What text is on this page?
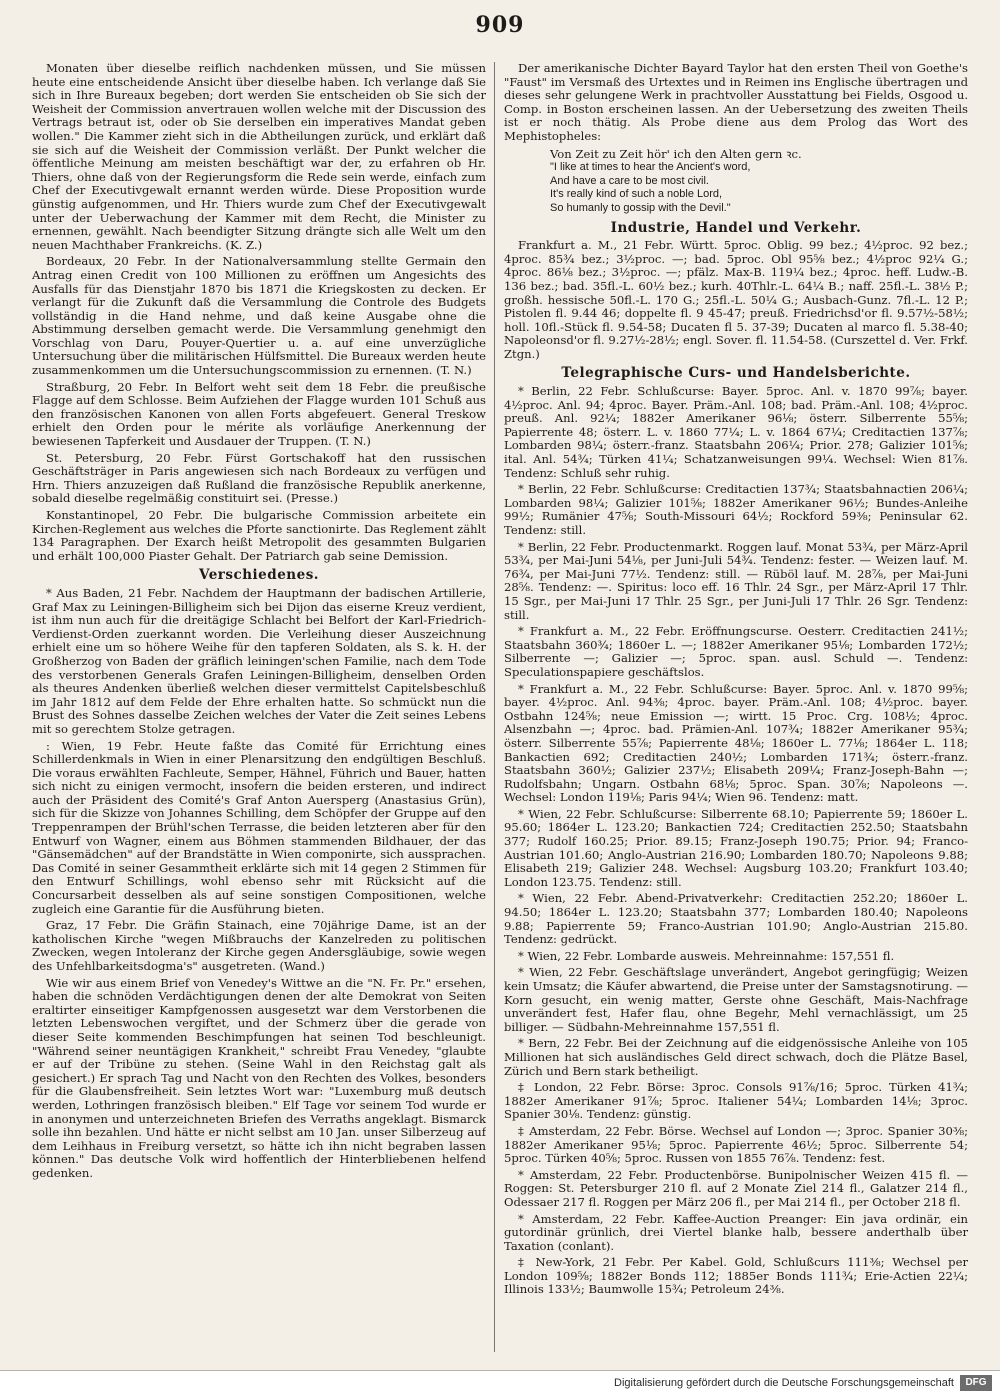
909

Monaten über dieselbe reiflich nachdenken müssen, und Sie müssen heute eine entscheidende Ansicht über dieselbe haben. Ich verlange daß Sie sich in Ihre Bureaux begeben; dort werden Sie entscheiden ob Sie sich der Weisheit der Commission anvertrauen wollen welche mit der Discussion des Vertrags betraut ist, oder ob Sie derselben ein imperatives Mandat geben wollen." Die Kammer zieht sich in die Abtheilungen zurück, und erklärt daß sie sich auf die Weisheit der Commission verläßt. Der Punkt welcher die öffentliche Meinung am meisten beschäftigt war der, zu erfahren ob Hr. Thiers, ohne daß von der Regierungsform die Rede sein werde, einfach zum Chef der Executivgewalt ernannt werden würde. Diese Proposition wurde günstig aufgenommen, und Hr. Thiers wurde zum Chef der Executivgewalt unter der Ueberwachung der Kammer mit dem Recht, die Minister zu ernennen, gewählt. Nach beendigter Sitzung drängte sich alle Welt um den neuen Machthaber Frankreichs. (K. Z.)

Bordeaux, 20 Febr. In der Nationalversammlung stellte Germain den Antrag einen Credit von 100 Millionen zu eröffnen um Angesichts des Ausfalls für das Dienstjahr 1870 bis 1871 die Kriegskosten zu decken. Er verlangt für die Zukunft daß die Versammlung die Controle des Budgets vollständig in die Hand nehme, und daß keine Ausgabe ohne die Abstimmung derselben gemacht werde. Die Versammlung genehmigt den Vorschlag von Daru, Pouyer-Quertier u. a. auf eine unverzügliche Untersuchung über die militärischen Hülfsmittel. Die Bureaux werden heute zusammenkommen um die Untersuchungscommission zu ernennen. (T. N.)

Straßburg, 20 Febr. In Belfort weht seit dem 18 Febr. die preußische Flagge auf dem Schlosse. Beim Aufziehen der Flagge wurden 101 Schuß aus den französischen Kanonen von allen Forts abgefeuert. General Treskow erhielt den Orden pour le mérite als vorläufige Anerkennung der bewiesenen Tapferkeit und Ausdauer der Truppen. (T. N.)

St. Petersburg, 20 Febr. Fürst Gortschakoff hat den russischen Geschäftsträger in Paris angewiesen sich nach Bordeaux zu verfügen und Hrn. Thiers anzuzeigen daß Rußland die französische Republik anerkenne, sobald dieselbe regelmäßig constituirt sei. (Presse.)

Konstantinopel, 20 Febr. Die bulgarische Commission arbeitete ein Kirchen-Reglement aus welches die Pforte sanctionirte. Das Reglement zählt 134 Paragraphen. Der Exarch heißt Metropolit des gesammten Bulgarien und erhält 100,000 Piaster Gehalt. Der Patriarch gab seine Demission.

Verschiedenes.

* Aus Baden, 21 Febr. Nachdem der Hauptmann der badischen Artillerie, Graf Max zu Leiningen-Billigheim sich bei Dijon das eiserne Kreuz verdient, ist ihm nun auch für die dreitägige Schlacht bei Belfort der Karl-Friedrich-Verdienst-Orden zuerkannt worden. Die Verleihung dieser Auszeichnung erhielt eine um so höhere Weihe für den tapferen Soldaten, als S. k. H. der Großherzog von Baden der gräflich leiningen'schen Familie, nach dem Tode des verstorbenen Generals Grafen Leiningen-Billigheim, denselben Orden als theures Andenken überließ welchen dieser vermittelst Capitelsbeschluß im Jahr 1812 auf dem Felde der Ehre erhalten hatte. So schmückt nun die Brust des Sohnes dasselbe Zeichen welches der Vater die Zeit seines Lebens mit so gerechtem Stolze getragen.

: Wien, 19 Febr. Heute faßte das Comité für Errichtung eines Schillerdenkmals in Wien in einer Plenarsitzung den endgültigen Beschluß. Die voraus erwählten Fachleute, Semper, Hähnel, Führich und Bauer, hatten sich nicht zu einigen vermocht, insofern die beiden ersteren, und indirect auch der Präsident des Comité's Graf Anton Auersperg (Anastasius Grün), sich für die Skizze von Johannes Schilling, dem Schöpfer der Gruppe auf den Treppenrampen der Brühl'schen Terrasse, die beiden letzteren aber für den Entwurf von Wagner, einem aus Böhmen stammenden Bildhauer, der das "Gänsemädchen" auf der Brandstätte in Wien componirte, sich aussprachen. Das Comité in seiner Gesammtheit erklärte sich mit 14 gegen 2 Stimmen für den Entwurf Schillings, wohl ebenso sehr mit Rücksicht auf die Concursarbeit desselben als auf seine sonstigen Compositionen, welche zugleich eine Garantie für die Ausführung bieten.

Graz, 17 Febr. Die Gräfin Stainach, eine 70jährige Dame, ist an der katholischen Kirche "wegen Mißbrauchs der Kanzelreden zu politischen Zwecken, wegen Intoleranz der Kirche gegen Andersgläubige, sowie wegen des Unfehlbarkeitsdogma's" ausgetreten. (Wand.)

Wie wir aus einem Brief von Venedey's Wittwe an die "N. Fr. Pr." ersehen, haben die schnöden Verdächtigungen denen der alte Demokrat von Seiten eraltirter einseitiger Kampfgenossen ausgesetzt war dem Verstorbenen die letzten Lebenswochen vergiftet, und der Schmerz über die gerade von dieser Seite kommenden Beschimpfungen hat seinen Tod beschleunigt. "Während seiner neuntägigen Krankheit," schreibt Frau Venedey, "glaubte er auf der Tribüne zu stehen. (Seine Wahl in den Reichstag galt als gesichert.) Er sprach Tag und Nacht von den Rechten des Volkes, besonders für die Glaubensfreiheit. Sein letztes Wort war: "Luxemburg muß deutsch werden, Lothringen französisch bleiben." Elf Tage vor seinem Tod wurde er in anonymen und unterzeichneten Briefen des Verraths angeklagt. Bismarck solle ihn bezahlen. Und hätte er nicht selbst am 10 Jan. unser Silberzeug auf dem Leihhaus in Freiburg versetzt, so hätte ich ihn nicht begraben lassen können." Das deutsche Volk wird hoffentlich der Hinterbliebenen helfend gedenken.

Der amerikanische Dichter Bayard Taylor hat den ersten Theil von Goethe's "Faust" im Versmaß des Urtextes und in Reimen ins Englische übertragen und dieses sehr gelungene Werk in prachtvoller Ausstattung bei Fields, Osgood u. Comp. in Boston erscheinen lassen. An der Uebersetzung des zweiten Theils ist er noch thätig. Als Probe diene aus dem Prolog das Wort des Mephistopheles:

Von Zeit zu Zeit hör' ich den Alten gern ꝛc.
"I like at times to hear the Ancient's word,
And have a care to be most civil.
It's really kind of such a noble Lord,
So humanly to gossip with the Devil."
Industrie, Handel und Verkehr.

Frankfurt a. M., 21 Febr. Württ. 5proc. Oblig. 99 bez.; 4½proc. 92 bez.; 4proc. 85¾ bez.; 3½proc. —; bad. 5proc. Obl 95⅝ bez.; 4½proc 92¼ G.; 4proc. 86⅛ bez.; 3½proc. —; pfälz. Max-B. 119¼ bez.; 4proc. heff. Ludw.-B. 136 bez.; bad. 35fl.-L. 60½ bez.; kurh. 40Thlr.-L. 64¼ B.; naff. 25fl.-L. 38½ P.; großh. hessische 50fl.-L. 170 G.; 25fl.-L. 50¼ G.; Ausbach-Gunz. 7fl.-L. 12 P.; Pistolen fl. 9.44 46; doppelte fl. 9 45-47; preuß. Friedrichsd'or fl. 9.57½-58½; holl. 10fl.-Stück fl. 9.54-58; Ducaten fl 5. 37-39; Ducaten al marco fl. 5.38-40; Napoleonsd'or fl. 9.27½-28½; engl. Sover. fl. 11.54-58. (Curszettel d. Ver. Frkf. Ztgn.)

Telegraphische Curs- und Handelsberichte.

* Berlin, 22 Febr. Schlußcurse: Bayer. 5proc. Anl. v. 1870 99⅞; bayer. 4½proc. Anl. 94; 4proc. Bayer. Präm.-Anl. 108; bad. Präm.-Anl. 108; 4½proc. preuß. Anl. 92¼; 1882er Amerikaner 96⅛; österr. Silberrente 55⅝; Papierrente 48; österr. L. v. 1860 77¼; L. v. 1864 67¼; Creditactien 137⅞; Lombarden 98¼; österr.-franz. Staatsbahn 206¼; Prior. 278; Galizier 101⅝; ital. Anl. 54¾; Türken 41¼; Schatzanweisungen 99¼. Wechsel: Wien 81⅞. Tendenz: Schluß sehr ruhig.

* Berlin, 22 Febr. Schlußcurse: Creditactien 137¾; Staatsbahnactien 206¼; Lombarden 98¼; Galizier 101⅝; 1882er Amerikaner 96½; Bundes-Anleihe 99½; Rumänier 47⅝; South-Missouri 64½; Rockford 59⅜; Peninsular 62. Tendenz: still.

* Berlin, 22 Febr. Productenmarkt. Roggen lauf. Monat 53¾, per März-April 53¾, per Mai-Juni 54⅛, per Juni-Juli 54¾. Tendenz: fester. — Weizen lauf. M. 76¾, per Mai-Juni 77½. Tendenz: still. — Rüböl lauf. M. 28⅞, per Mai-Juni 28⅝. Tendenz: —. Spiritus: loco eff. 16 Thlr. 24 Sgr., per März-April 17 Thlr. 15 Sgr., per Mai-Juni 17 Thlr. 25 Sgr., per Juni-Juli 17 Thlr. 26 Sgr. Tendenz: still.

* Frankfurt a. M., 22 Febr. Eröffnungscurse. Oesterr. Creditactien 241½; Staatsbahn 360¾; 1860er L. —; 1882er Amerikaner 95⅛; Lombarden 172½; Silberrente —; Galizier —; 5proc. span. ausl. Schuld —. Tendenz: Speculationspapiere geschäftslos.

* Frankfurt a. M., 22 Febr. Schlußcurse: Bayer. 5proc. Anl. v. 1870 99⅝; bayer. 4½proc. Anl. 94⅜; 4proc. bayer. Präm.-Anl. 108; 4½proc. bayer. Ostbahn 124⅝; neue Emission —; wirtt. 15 Proc. Crg. 108½; 4proc. Alsenzbahn —; 4proc. bad. Prämien-Anl. 107¾; 1882er Amerikaner 95¾; österr. Silberrente 55⅞; Papierrente 48⅛; 1860er L. 77⅛; 1864er L. 118; Bankactien 692; Creditactien 240½; Lombarden 171¾; österr.-franz. Staatsbahn 360½; Galizier 237½; Elisabeth 209¼; Franz-Joseph-Bahn —; Rudolfsbahn; Ungarn. Ostbahn 68⅛; 5proc. Span. 30⅞; Napoleons —. Wechsel: London 119⅛; Paris 94¼; Wien 96. Tendenz: matt.

* Wien, 22 Febr. Schlußcurse: Silberrente 68.10; Papierrente 59; 1860er L. 95.60; 1864er L. 123.20; Bankactien 724; Creditactien 252.50; Staatsbahn 377; Rudolf 160.25; Prior. 89.15; Franz-Joseph 190.75; Prior. 94; Franco-Austrian 101.60; Anglo-Austrian 216.90; Lombarden 180.70; Napoleons 9.88; Elisabeth 219; Galizier 248. Wechsel: Augsburg 103.20; Frankfurt 103.40; London 123.75. Tendenz: still.

* Wien, 22 Febr. Abend-Privatverkehr: Creditactien 252.20; 1860er L. 94.50; 1864er L. 123.20; Staatsbahn 377; Lombarden 180.40; Napoleons 9.88; Papierrente 59; Franco-Austrian 101.90; Anglo-Austrian 215.80. Tendenz: gedrückt.

* Wien, 22 Febr. Lombarde ausweis. Mehreinnahme: 157,551 fl.

* Wien, 22 Febr. Geschäftslage unverändert, Angebot geringfügig; Weizen kein Umsatz; die Käufer abwartend, die Preise unter der Samstagsnotirung. — Korn gesucht, ein wenig matter, Gerste ohne Geschäft, Mais-Nachfrage unverändert fest, Hafer flau, ohne Begehr, Mehl vernachlässigt, um 25 billiger. — Südbahn-Mehreinnahme 157,551 fl.

* Bern, 22 Febr. Bei der Zeichnung auf die eidgenössische Anleihe von 105 Millionen hat sich ausländisches Geld direct schwach, doch die Plätze Basel, Zürich und Bern stark betheiligt.

‡ London, 22 Febr. Börse: 3proc. Consols 91⅞/16; 5proc. Türken 41¾; 1882er Amerikaner 91⅞; 5proc. Italiener 54¼; Lombarden 14⅛; 3proc. Spanier 30⅛. Tendenz: günstig.

‡ Amsterdam, 22 Febr. Börse. Wechsel auf London —; 3proc. Spanier 30⅜; 1882er Amerikaner 95⅛; 5proc. Papierrente 46½; 5proc. Silberrente 54; 5proc. Türken 40⅝; 5proc. Russen von 1855 76⅞. Tendenz: fest.

* Amsterdam, 22 Febr. Productenbörse. Bunipolnischer Weizen 415 fl. — Roggen: St. Petersburger 210 fl. auf 2 Monate Ziel 214 fl., Galatzer 214 fl., Odessaer 217 fl. Roggen per März 206 fl., per Mai 214 fl., per October 218 fl.

* Amsterdam, 22 Febr. Kaffee-Auction Preanger: Ein java ordinär, ein gutordinär grünlich, drei Viertel blanke halb, bessere anderthalb über Taxation (conlant).

‡ New-York, 21 Febr. Per Kabel. Gold, Schlußcurs 111⅜; Wechsel per London 109⅝; 1882er Bonds 112; 1885er Bonds 111¾; Erie-Actien 22¼; Illinois 133½; Baumwolle 15¾; Petroleum 24⅜.

Digitalisierung gefördert durch die Deutsche Forschungsgemeinschaft	DFG
